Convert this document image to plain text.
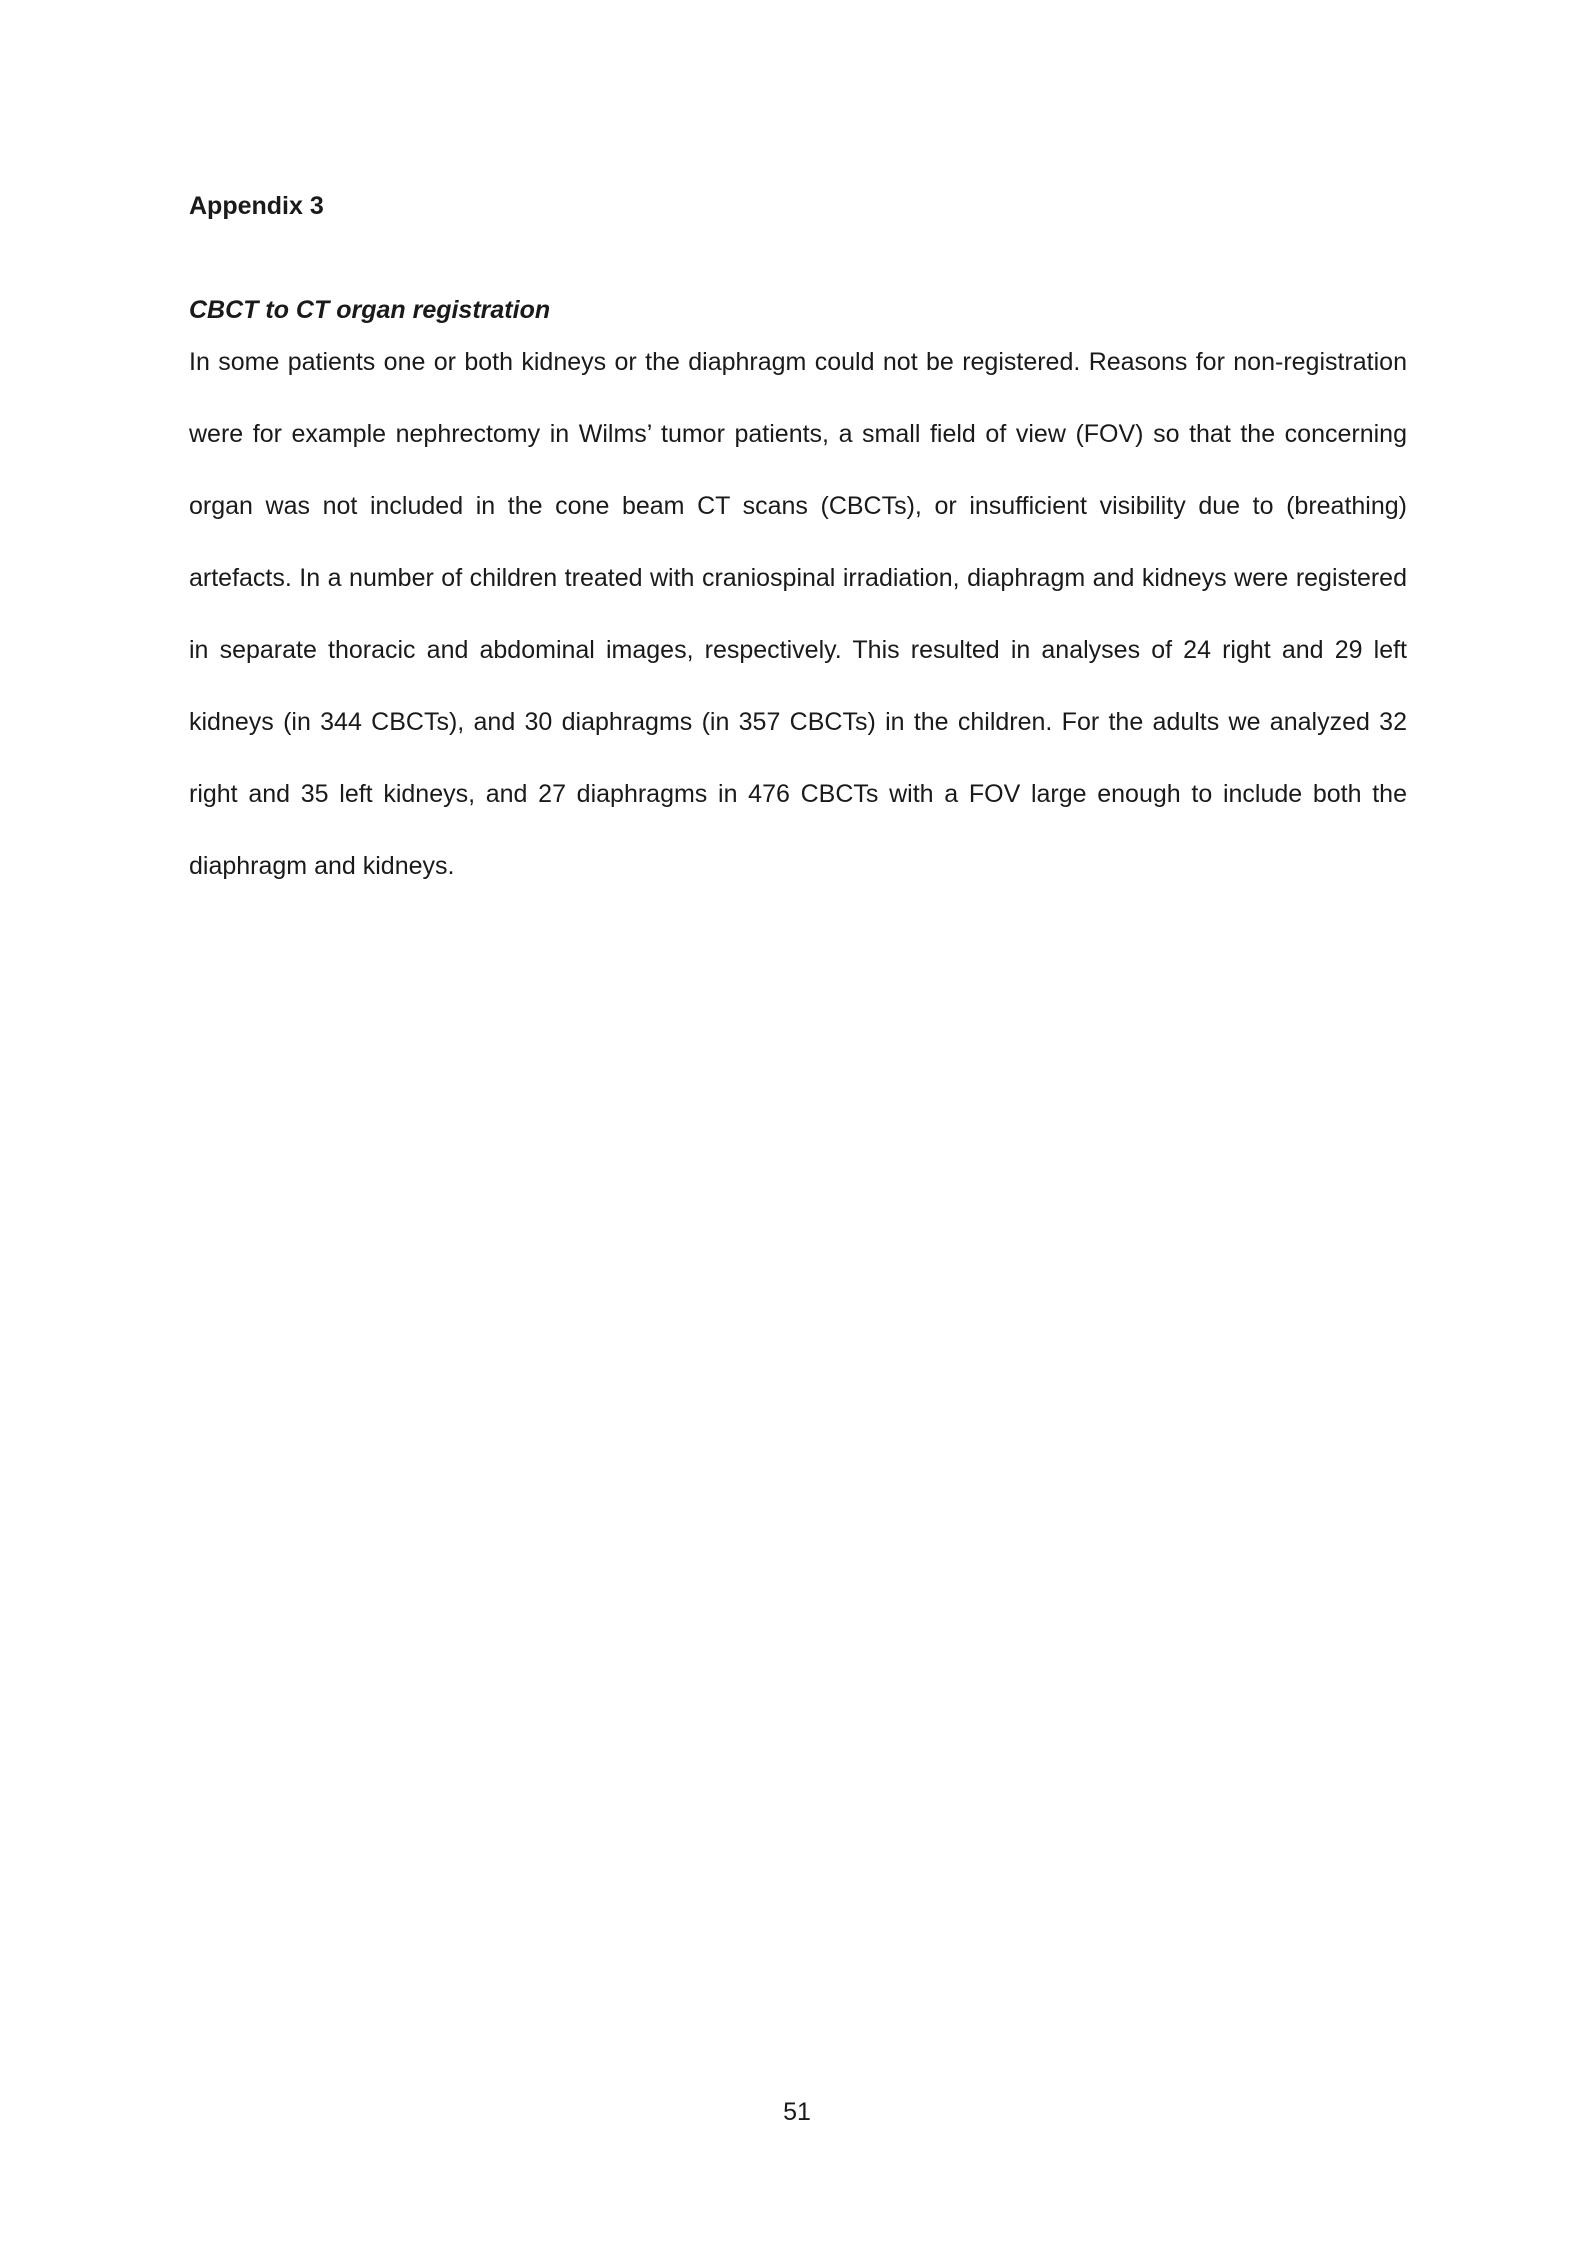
Appendix 3
CBCT to CT organ registration

In some patients one or both kidneys or the diaphragm could not be registered. Reasons for non-registration were for example nephrectomy in Wilms’ tumor patients, a small field of view (FOV) so that the concerning organ was not included in the cone beam CT scans (CBCTs), or insufficient visibility due to (breathing) artefacts. In a number of children treated with craniospinal irradiation, diaphragm and kidneys were registered in separate thoracic and abdominal images, respectively. This resulted in analyses of 24 right and 29 left kidneys (in 344 CBCTs), and 30 diaphragms (in 357 CBCTs) in the children. For the adults we analyzed 32 right and 35 left kidneys, and 27 diaphragms in 476 CBCTs with a FOV large enough to include both the diaphragm and kidneys.

51
